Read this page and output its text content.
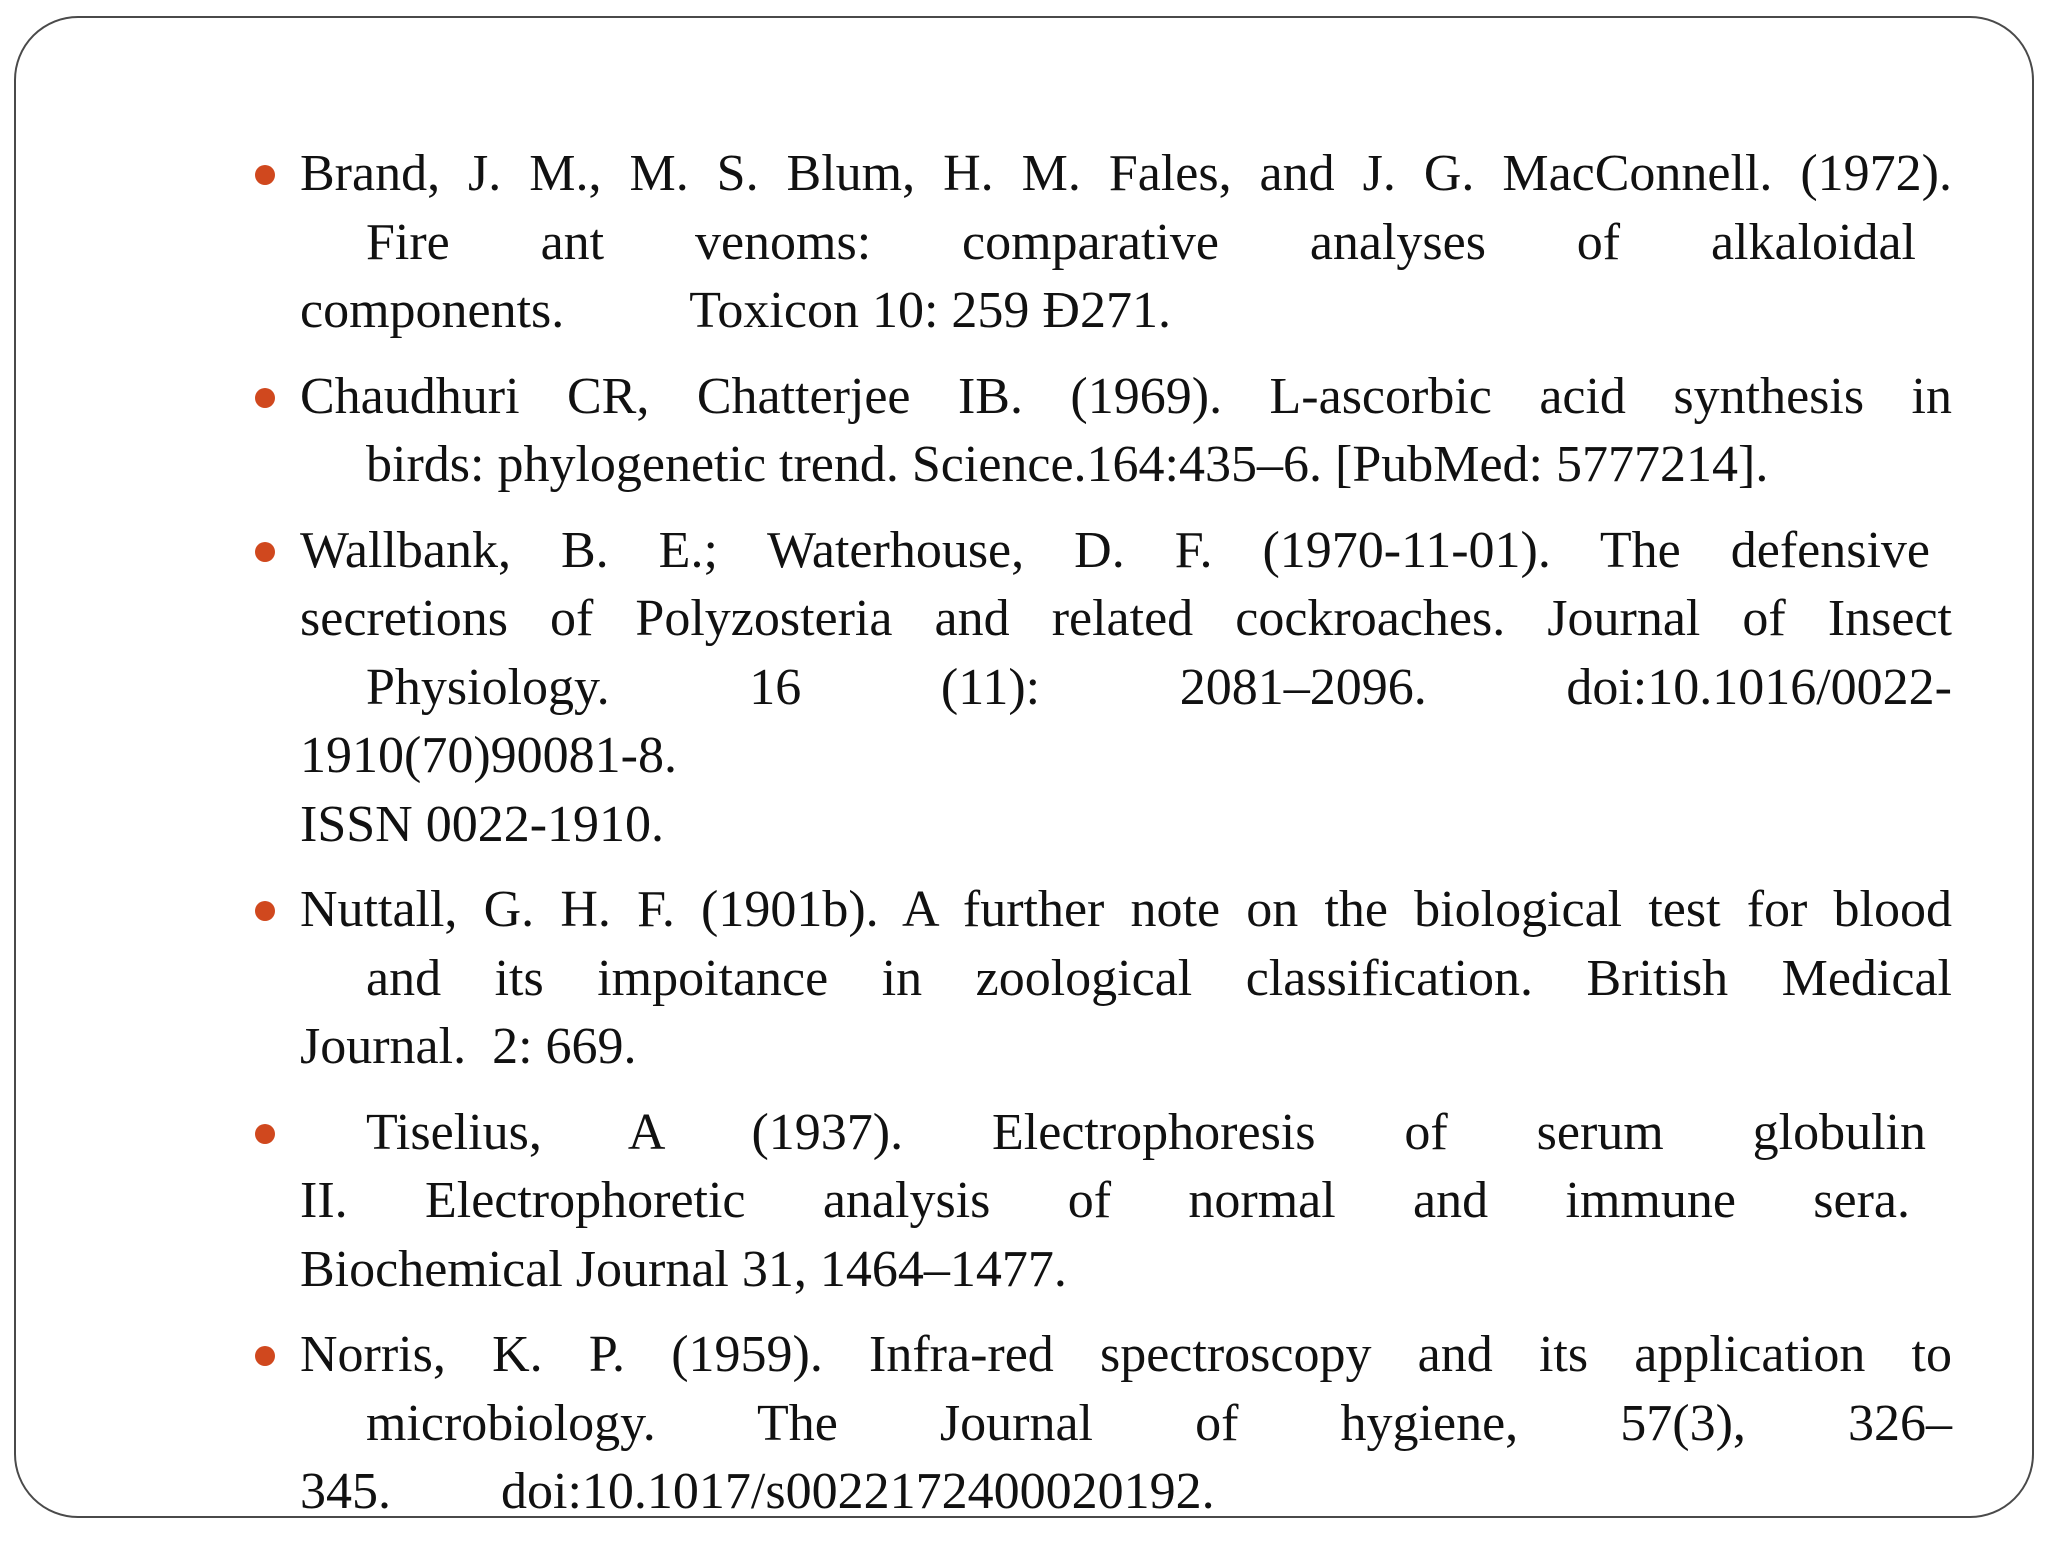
Brand, J. M., M. S. Blum, H. M. Fales, and J. G. MacConnell. (1972).
Fire ant venoms: comparative analyses of alkaloidal
components. Toxicon 10: 259 Ð271.
Chaudhuri CR, Chatterjee IB. (1969). L-ascorbic acid synthesis in
birds: phylogenetic trend. Science.164:435–6. [PubMed: 5777214].
Wallbank, B. E.; Waterhouse, D. F. (1970-11-01). The defensive
secretions of Polyzosteria and related cockroaches. Journal of Insect
Physiology. 16 (11): 2081–2096. doi:10.1016/0022-
1910(70)90081-8.
ISSN 0022-1910.
Nuttall, G. H. F. (1901b). A further note on the biological test for blood
and its impoitance in zoological classification. British Medical
Journal.  2: 669.
Tiselius, A (1937). Electrophoresis of serum globulin
II. Electrophoretic analysis of normal and immune sera.
Biochemical Journal 31, 1464–1477.
Norris, K. P. (1959). Infra-red spectroscopy and its application to
microbiology. The Journal of hygiene, 57(3), 326–
345. doi:10.1017/s0022172400020192.
